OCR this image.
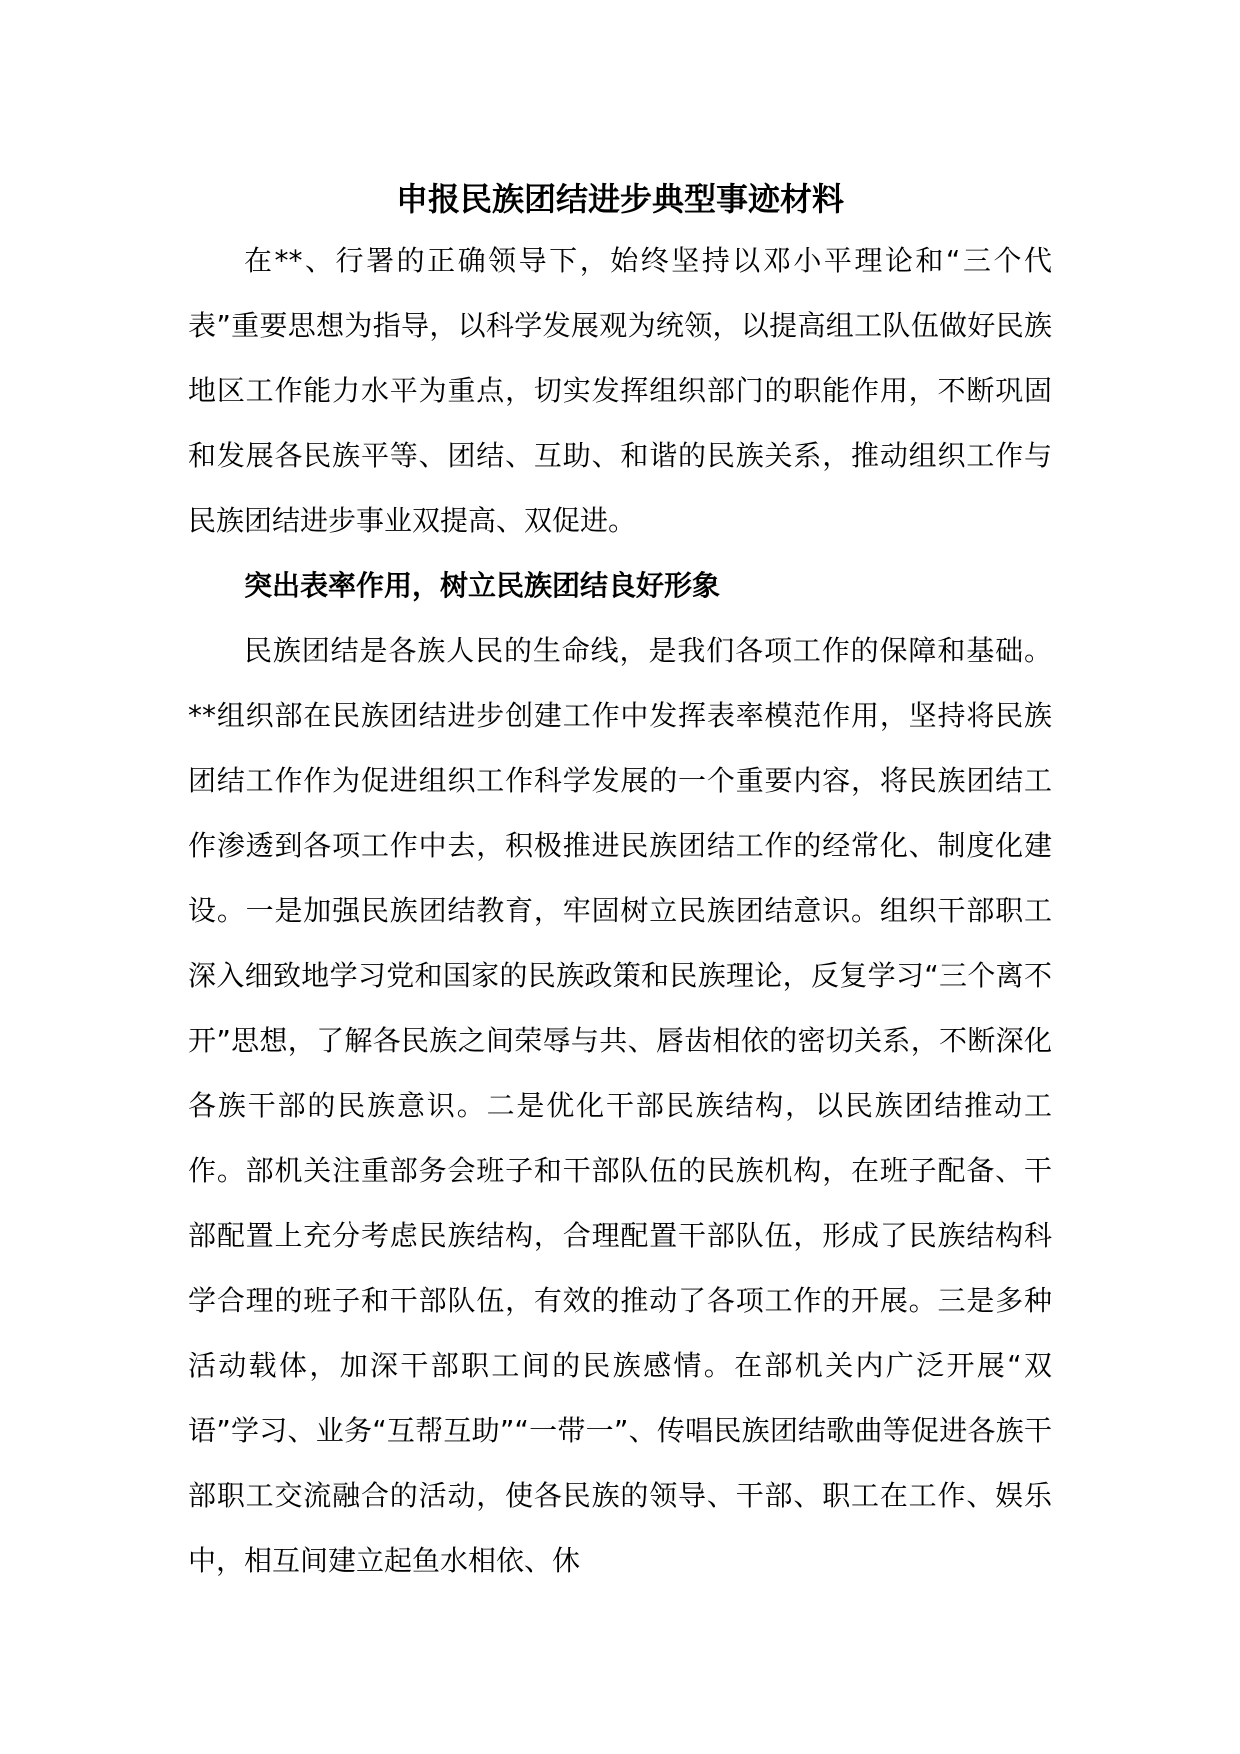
申报民族团结进步典型事迹材料

在**、行署的正确领导下，始终坚持以邓小平理论和“三个代表”重要思想为指导，以科学发展观为统领，以提高组工队伍做好民族地区工作能力水平为重点，切实发挥组织部门的职能作用，不断巩固和发展各民族平等、团结、互助、和谐的民族关系，推动组织工作与民族团结进步事业双提高、双促进。

突出表率作用，树立民族团结良好形象

民族团结是各族人民的生命线，是我们各项工作的保障和基础。**组织部在民族团结进步创建工作中发挥表率模范作用，坚持将民族团结工作作为促进组织工作科学发展的一个重要内容，将民族团结工作渗透到各项工作中去，积极推进民族团结工作的经常化、制度化建设。一是加强民族团结教育，牢固树立民族团结意识。组织干部职工深入细致地学习党和国家的民族政策和民族理论，反复学习“三个离不开”思想，了解各民族之间荣辱与共、唇齿相依的密切关系，不断深化各族干部的民族意识。二是优化干部民族结构，以民族团结推动工作。部机关注重部务会班子和干部队伍的民族机构，在班子配备、干部配置上充分考虑民族结构，合理配置干部队伍，形成了民族结构科学合理的班子和干部队伍，有效的推动了各项工作的开展。三是多种活动载体，加深干部职工间的民族感情。在部机关内广泛开展“双语”学习、业务“互帮互助”“一带一”、传唱民族团结歌曲等促进各族干部职工交流融合的活动，使各民族的领导、干部、职工在工作、娱乐中，相互间建立起鱼水相依、休
